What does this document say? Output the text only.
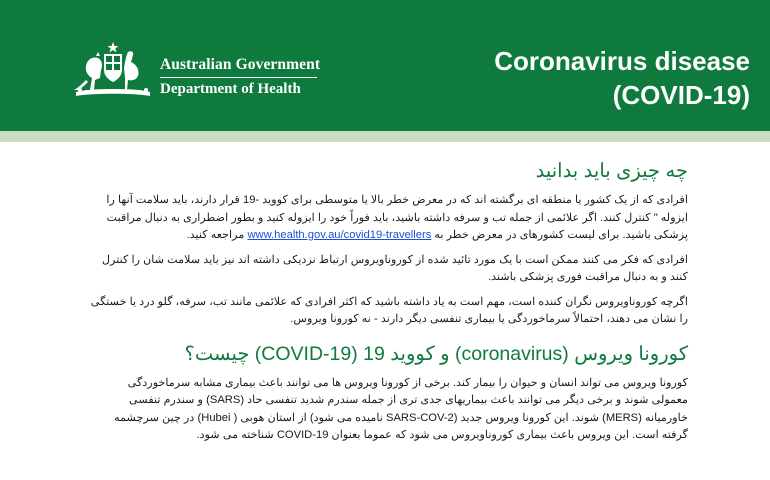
Australian Government
Department of Health
Coronavirus disease
(COVID-19)
چه چیزی باید بدانید

افرادی که از یک کشور یا منطقه ای برگشته اند که در معرض خطر بالا یا متوسطی برای کووید -19 قرار دارند، باید سلامت آنها را ایزوله " کنترل کنند. اگر علائمی از جمله تب و سرفه داشته باشید، باید فوراً خود را ایزوله کنید و بطور اضطراری به دنبال مراقبت پزشکی باشید. برای لیست کشورهای در معرض خطر به www.health.gov.au/covid19-travellers مراجعه کنید.

افرادی که فکر می کنند ممکن است با یک مورد تائید شده از کوروناویروس ارتباط نزدیکی داشته اند نیز باید سلامت شان را کنترل کنند و به دنبال مراقبت فوری پزشکی باشند.

اگرچه کوروناویروس نگران کننده است، مهم است به یاد داشته باشید که اکثر افرادی که علائمی مانند تب، سرفه، گلو درد یا خستگی را نشان می دهند، احتمالاً سرماخوردگی یا بیماری تنفسی دیگر دارند - نه کورونا ویروس.

کورونا ویروس (coronavirus) و کووید 19 (COVID-19) چیست؟

کورونا ویروس می تواند انسان و حیوان را بیمار کند. برخی از کورونا ویروس ها می توانند باعث بیماری مشابه سرماخوردگی معمولی شوند و برخی دیگر می توانند باعث بیماریهای جدی تری از جمله سندرم شدید تنفسی حاد (SARS) و سندرم تنفسی خاورمیانه (MERS) شوند. این کورونا ویروس جدید (SARS-COV-2 نامیده می شود) از استان هوبی ( Hubei) در چین سرچشمه گرفته است. این ویروس باعث بیماری کوروناویروس می شود که عموما بعنوان COVID-19 شناخته می شود.
